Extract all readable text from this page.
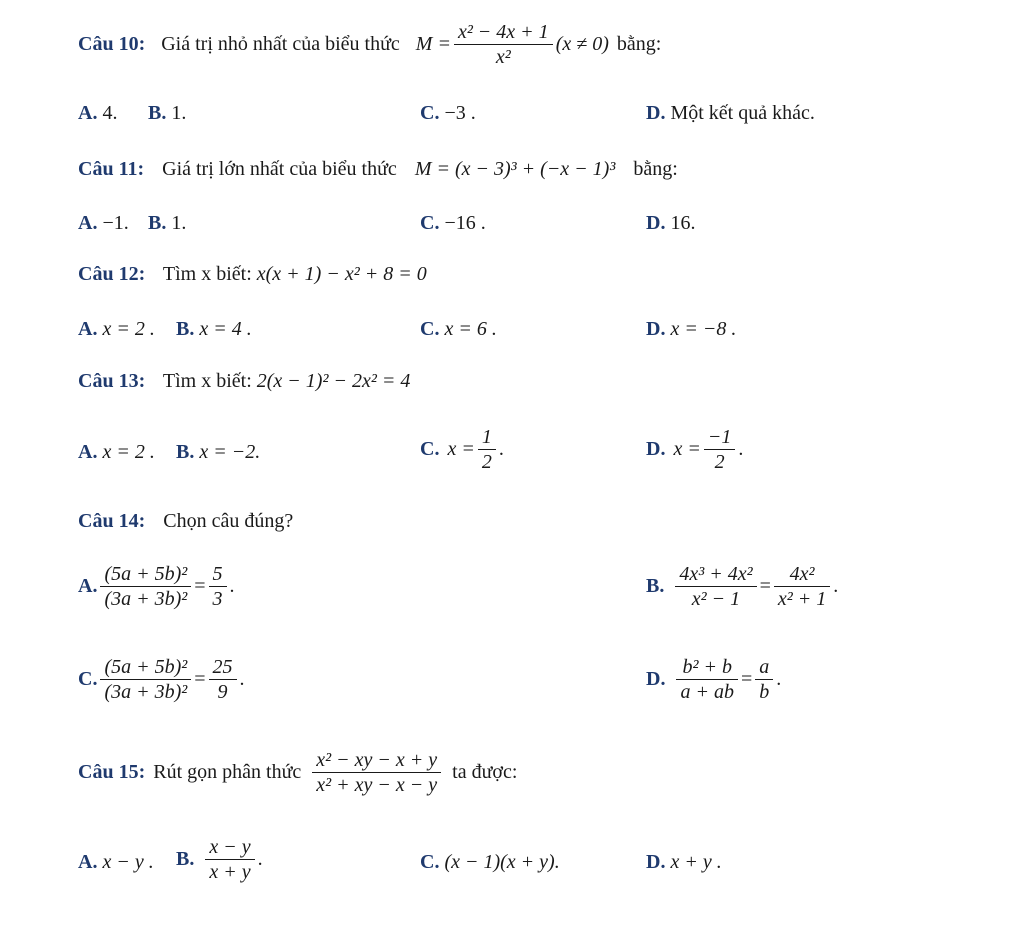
Câu 10: Giá trị nhỏ nhất của biểu thức $M = \frac{\text{x² − 4x + 1}}{\text{x²}} (x \ne 0)$ bằng:
A. 4. B. 1.	C. −3 .	D. Một kết quả khác.
Câu 11: Giá trị lớn nhất của biểu thức M = (x − 3)³ + (−x − 1)³ bằng:
A. −1. B. 1.	C. −16 .	D. 16.
Câu 12: Tìm x biết: x(x + 1) − x² + 8 = 0
A. x = 2 . B. x = 4 .	C. x = 6 .	D. x = −8 .
Câu 13: Tìm x biết: 2(x − 1)² − 2x² = 4
A. x = 2 . B. x = −2.	C. $x = \frac{1}{2}$ .	D. $x = \frac{-1}{2}$ .
Câu 14: Chọn câu đúng?
A. $\frac{\text{(5a + 5b)²}}{\text{(3a + 3b)²}} = \frac{5}{3}$ .	B. $\frac{\text{4x³ + 4x²}}{\text{x² − 1}} = \frac{\text{4x²}}{\text{x² + 1}}$ .
C. $\frac{\text{(5a + 5b)²}}{\text{(3a + 3b)²}} = \frac{25}{9}$ .	D. $\frac{\text{b² + b}}{a + ab} = \frac{a}{b}$ .
Câu 15: Rút gọn phân thức $\frac{\text{x² − xy − x + y}}{\text{x² + xy − x − y}}$ ta được:
A. x − y . B. $\frac{x - y}{x + y}$ .	C. (x − 1)(x + y).	D. x + y .
